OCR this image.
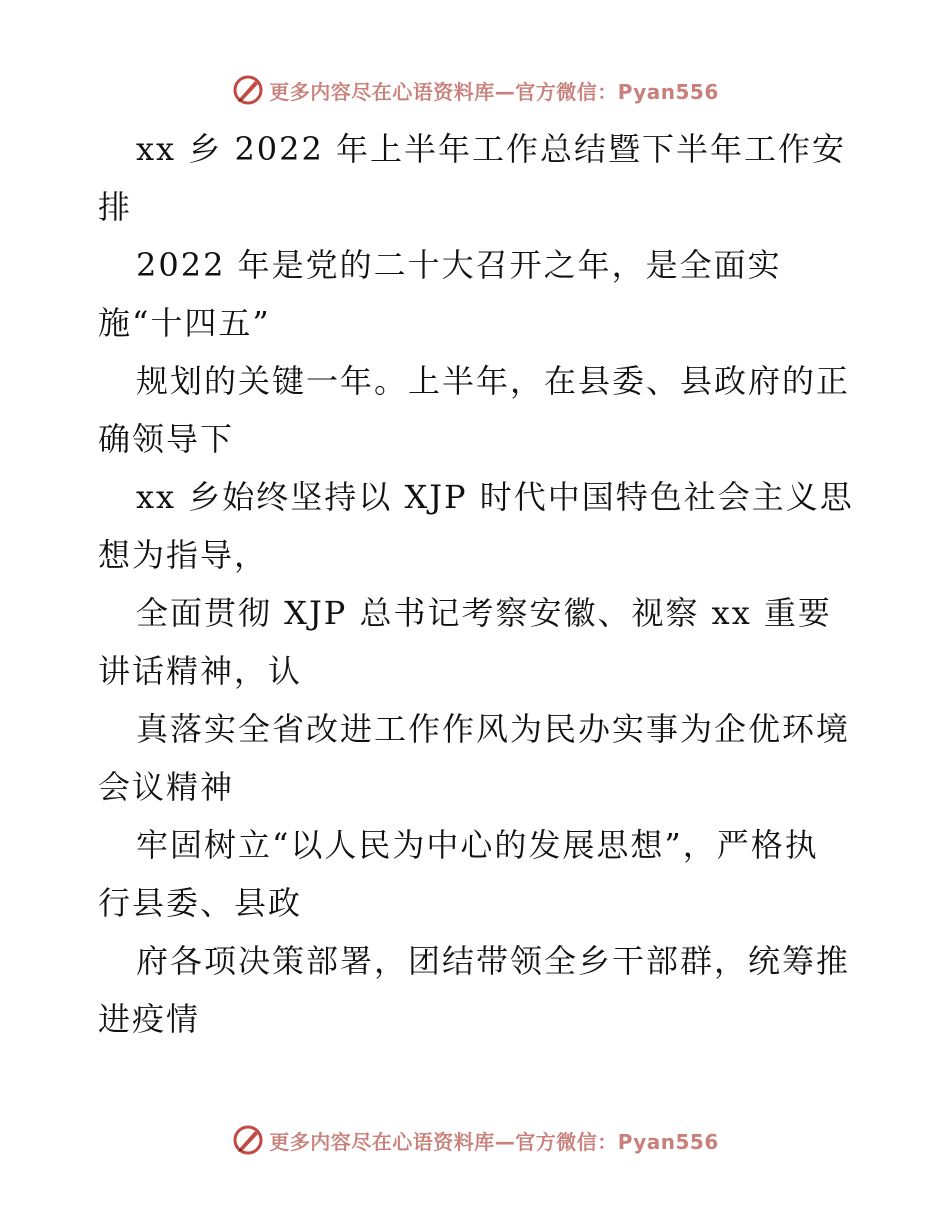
更多内容尽在心语资料库—官方微信：Pyan556
xx 乡 2022 年上半年工作总结暨下半年工作安
排
2022 年是党的二十大召开之年，是全面实
施“十四五”
规划的关键一年。上半年，在县委、县政府的正
确领导下
xx 乡始终坚持以 XJP 时代中国特色社会主义思
想为指导，
全面贯彻 XJP 总书记考察安徽、视察 xx 重要
讲话精神，认
真落实全省改进工作作风为民办实事为企优环境
会议精神
牢固树立“以人民为中心的发展思想”，严格执
行县委、县政
府各项决策部署，团结带领全乡干部群，统筹推
进疫情
更多内容尽在心语资料库—官方微信：Pyan556
